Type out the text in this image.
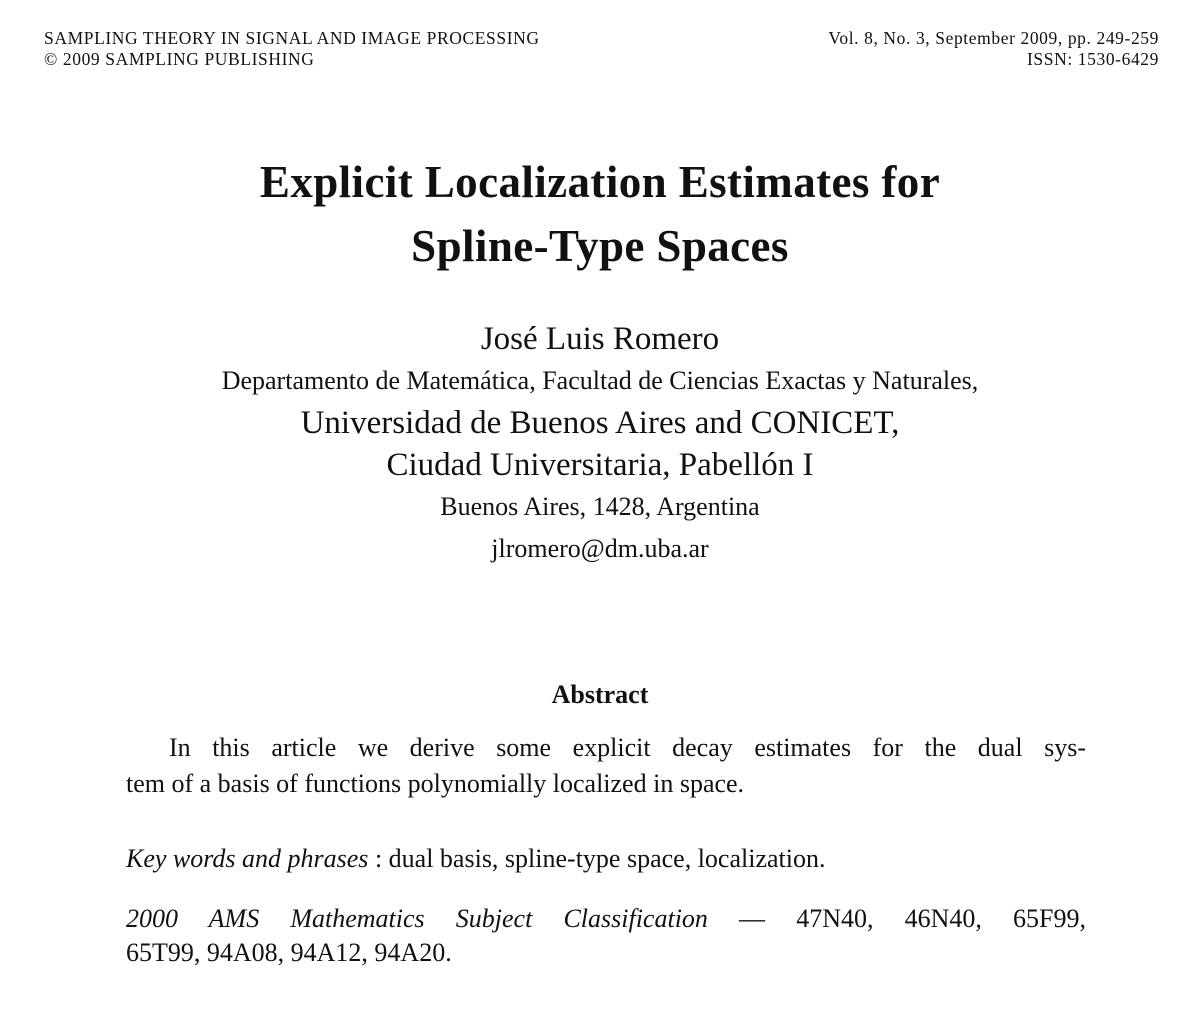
SAMPLING THEORY IN SIGNAL AND IMAGE PROCESSING	Vol. 8, No. 3, September 2009, pp. 249-259
© 2009 SAMPLING PUBLISHING	ISSN: 1530-6429
Explicit Localization Estimates for
Spline-Type Spaces
José Luis Romero
Departamento de Matemática, Facultad de Ciencias Exactas y Naturales,
Universidad de Buenos Aires and CONICET,
Ciudad Universitaria, Pabellón I
Buenos Aires, 1428, Argentina
jlromero@dm.uba.ar
Abstract
In this article we derive some explicit decay estimates for the dual sys-
tem of a basis of functions polynomially localized in space.
Key words and phrases : dual basis, spline-type space, localization.
2000 AMS Mathematics Subject Classification — 47N40, 46N40, 65F99,
65T99, 94A08, 94A12, 94A20.
